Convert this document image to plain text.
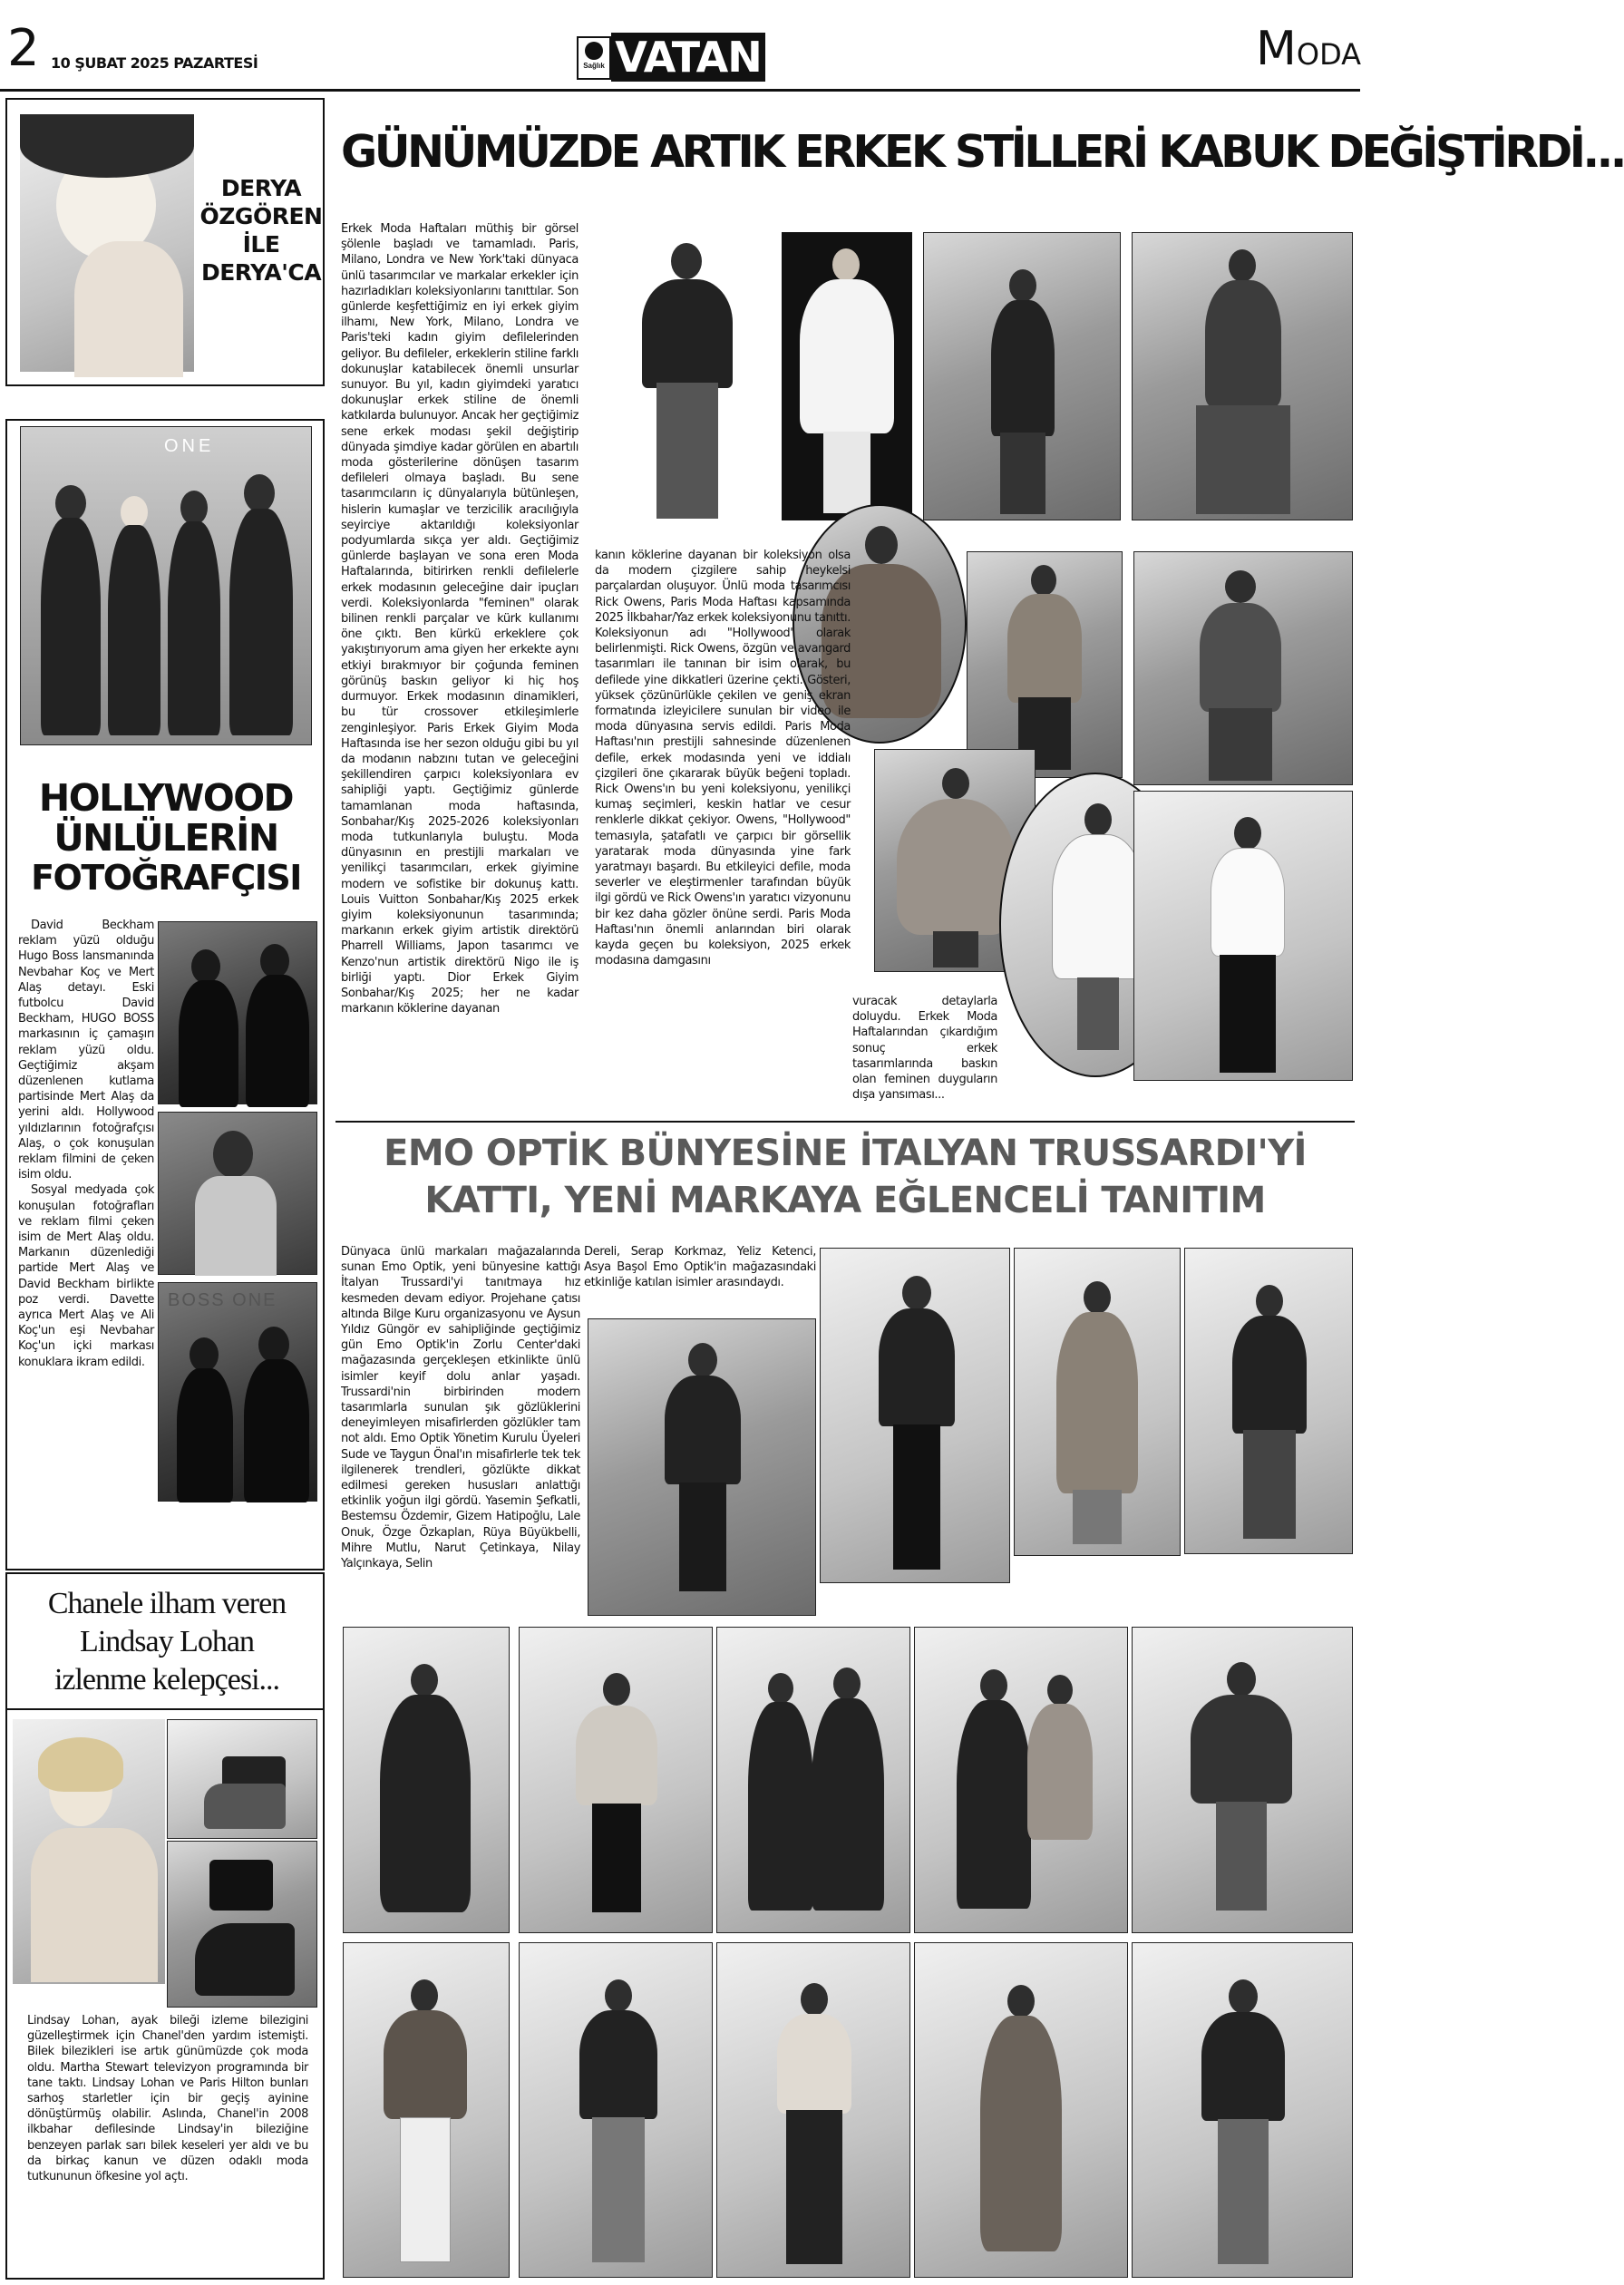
2 10 ŞUBAT 2025 PAZARTESİ	Sağlık VATAN	MODA
DERYA
ÖZGÖREN
İLE
DERYA'CA
ONE
HOLLYWOOD
ÜNLÜLERİN
FOTOĞRAFÇISI

David Beckham reklam yüzü olduğu Hugo Boss lansmanında Nevbahar Koç ve Mert Alaş detayı. Eski futbolcu David Beckham, HUGO BOSS markasının iç çamaşırı reklam yüzü oldu. Geçtiğimiz akşam düzenlenen kutlama partisinde Mert Alaş da yerini aldı. Hollywood yıldızlarının fotoğrafçısı Alaş, o çok konuşulan reklam filmini de çeken isim oldu.

Sosyal medyada çok konuşulan fotoğrafları ve reklam filmi çeken isim de Mert Alaş oldu. Markanın düzenlediği partide Mert Alaş ve David Beckham birlikte poz verdi. Davette ayrıca Mert Alaş ve Ali Koç'un eşi Nevbahar Koç'un içki markası konuklara ikram edildi.

BOSS ONE
Chanele ilham veren
Lindsay Lohan
izlenme kelepçesi...
Lindsay Lohan, ayak bileği izleme bilezigini güzelleştirmek için Chanel'den yardım istemişti. Bilek bilezikleri ise artık günümüzde çok moda oldu. Martha Stewart televizyon programında bir tane taktı. Lindsay Lohan ve Paris Hilton bunları sarhoş starletler için bir geçiş ayinine dönüştürmüş olabilir. Aslında, Chanel'in 2008 ilkbahar defilesinde Lindsay'in bileziğine benzeyen parlak sarı bilek keseleri yer aldı ve bu da birkaç kanun ve düzen odaklı moda tutkununun öfkesine yol açtı.
GÜNÜMÜZDE ARTIK ERKEK STİLLERİ KABUK DEĞİŞTİRDİ...
Erkek Moda Haftaları müthiş bir görsel şölenle başladı ve tamamladı. Paris, Milano, Londra ve New York'taki dünyaca ünlü tasarımcılar ve markalar erkekler için hazırladıkları koleksiyonlarını tanıttılar. Son günlerde keşfettiğimiz en iyi erkek giyim ilhamı, New York, Milano, Londra ve Paris'teki kadın giyim defilelerinden geliyor. Bu defileler, erkeklerin stiline farklı dokunuşlar katabilecek önemli unsurlar sunuyor. Bu yıl, kadın giyimdeki yaratıcı dokunuşlar erkek stiline de önemli katkılarda bulunuyor. Ancak her geçtiğimiz sene erkek modası şekil değiştirip dünyada şimdiye kadar görülen en abartılı moda gösterilerine dönüşen tasarım defileleri olmaya başladı. Bu sene tasarımcıların iç dünyalarıyla bütünleşen, hislerin kumaşlar ve terzicilik aracılığıyla seyirciye aktarıldığı koleksiyonlar podyumlarda sıkça yer aldı. Geçtiğimiz günlerde başlayan ve sona eren Moda Haftalarında, bitirirken renkli defilelerle erkek modasının geleceğine dair ipuçları verdi. Koleksiyonlarda "feminen" olarak bilinen renkli parçalar ve kürk kullanımı öne çıktı. Ben kürkü erkeklere çok yakıştırıyorum ama giyen her erkekte aynı etkiyi bırakmıyor bir çoğunda feminen görünüş baskın geliyor ki hiç hoş durmuyor. Erkek modasının dinamikleri, bu tür crossover etkileşimlerle zenginleşiyor. Paris Erkek Giyim Moda Haftasında ise her sezon olduğu gibi bu yıl da modanın nabzını tutan ve geleceğini şekillendiren çarpıcı koleksiyonlara ev sahipliği yaptı. Geçtiğimiz günlerde tamamlanan moda haftasında, Sonbahar/Kış 2025-2026 koleksiyonları moda tutkunlarıyla buluştu. Moda dünyasının en prestijli markaları ve yenilikçi tasarımcıları, erkek giyimine modern ve sofistike bir dokunuş kattı. Louis Vuitton Sonbahar/Kış 2025 erkek giyim koleksiyonunun tasarımında; markanın erkek giyim artistik direktörü Pharrell Williams, Japon tasarımcı ve Kenzo'nun artistik direktörü Nigo ile iş birliği yaptı. Dior Erkek Giyim Sonbahar/Kış 2025; her ne kadar markanın köklerine dayanan
kanın köklerine dayanan bir koleksiyon olsa da modern çizgilere sahip heykelsi parçalardan oluşuyor. Ünlü moda tasarımcısı Rick Owens, Paris Moda Haftası kapsamında 2025 İlkbahar/Yaz erkek koleksiyonunu tanıttı. Koleksiyonun adı "Hollywood" olarak belirlenmişti. Rick Owens, özgün ve avangard tasarımları ile tanınan bir isim olarak, bu defilede yine dikkatleri üzerine çekti. Gösteri, yüksek çözünürlükle çekilen ve geniş ekran formatında izleyicilere sunulan bir video ile moda dünyasına servis edildi. Paris Moda Haftası'nın prestijli sahnesinde düzenlenen defile, erkek modasında yeni ve iddialı çizgileri öne çıkararak büyük beğeni topladı. Rick Owens'ın bu yeni koleksiyonu, yenilikçi kumaş seçimleri, keskin hatlar ve cesur renklerle dikkat çekiyor. Owens, "Hollywood" temasıyla, şatafatlı ve çarpıcı bir görsellik yaratarak moda dünyasında yine fark yaratmayı başardı. Bu etkileyici defile, moda severler ve eleştirmenler tarafından büyük ilgi gördü ve Rick Owens'ın yaratıcı vizyonunu bir kez daha gözler önüne serdi. Paris Moda Haftası'nın önemli anlarından biri olarak kayda geçen bu koleksiyon, 2025 erkek modasına damgasını
vuracak detaylarla doluydu. Erkek Moda Haftalarından çıkardığım sonuç erkek tasarımlarında baskın olan feminen duyguların dışa yansıması...
EMO OPTİK BÜNYESİNE İTALYAN TRUSSARDI'Yİ
KATTI, YENİ MARKAYA EĞLENCELİ TANITIM
Dünyaca ünlü markaları mağazalarında sunan Emo Optik, yeni bünyesine kattığı İtalyan Trussardi'yi tanıtmaya hız kesmeden devam ediyor. Projehane çatısı altında Bilge Kuru organizasyonu ve Aysun Yıldız Güngör ev sahipliğinde geçtiğimiz gün Emo Optik'in Zorlu Center'daki mağazasında gerçekleşen etkinlikte ünlü isimler keyif dolu anlar yaşadı. Trussardi'nin birbirinden modern tasarımlarla sunulan şık gözlüklerini deneyimleyen misafirlerden gözlükler tam not aldı. Emo Optik Yönetim Kurulu Üyeleri Sude ve Taygun Önal'ın misafirlerle tek tek ilgilenerek trendleri, gözlükte dikkat edilmesi gereken hususları anlattığı etkinlik yoğun ilgi gördü. Yasemin Şefkatli, Bestemsu Özdemir, Gizem Hatipoğlu, Lale Onuk, Özge Özkaplan, Rüya Büyükbelli, Mihre Mutlu, Narut Çetinkaya, Nilay Yalçınkaya, Selin
Dereli, Serap Korkmaz, Yeliz Ketenci, Asya Başol Emo Optik'in mağazasındaki etkinliğe katılan isimler arasındaydı.
